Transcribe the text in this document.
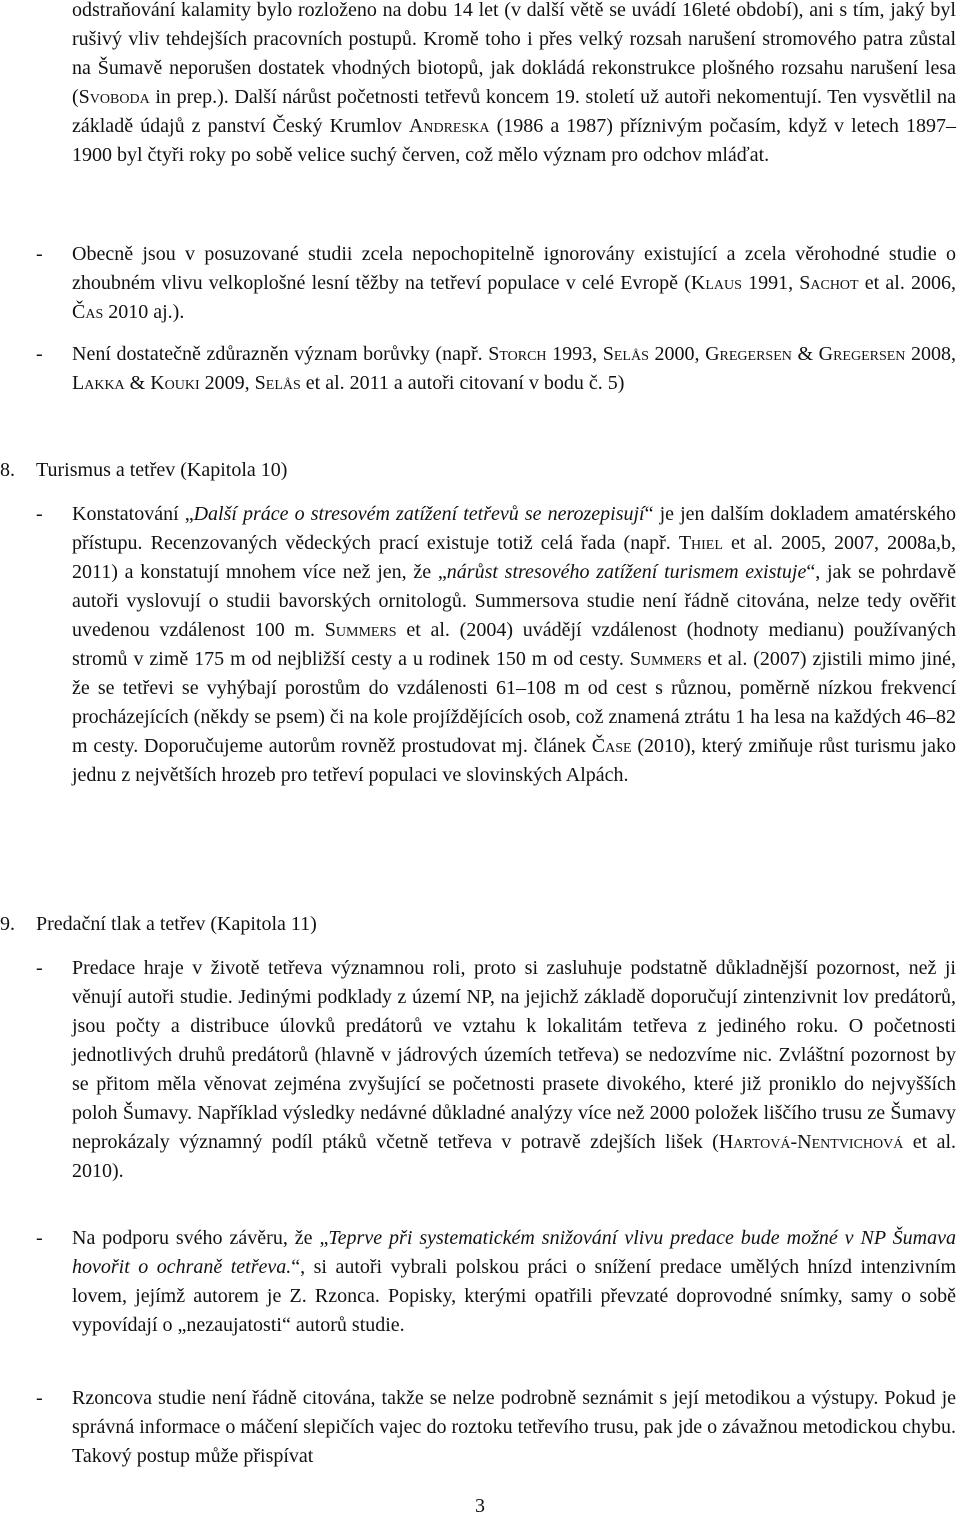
odstraňování kalamity bylo rozloženo na dobu 14 let (v další větě se uvádí 16leté období), ani s tím, jaký byl rušivý vliv tehdejších pracovních postupů. Kromě toho i přes velký rozsah narušení stromového patra zůstal na Šumavě neporušen dostatek vhodných biotopů, jak dokládá rekonstrukce plošného rozsahu narušení lesa (Svoboda in prep.). Další nárůst početnosti tetřevů koncem 19. století už autoři nekomentují. Ten vysvětlil na základě údajů z panství Český Krumlov Andreska (1986 a 1987) příznivým počasím, když v letech 1897–1900 byl čtyři roky po sobě velice suchý červen, což mělo význam pro odchov mláďat.

-	Obecně jsou v posuzované studii zcela nepochopitelně ignorovány existující a zcela věrohodné studie o zhoubném vlivu velkoplošné lesní těžby na tetřeví populace v celé Evropě (Klaus 1991, Sachot et al. 2006, Čas 2010 aj.).
-	Není dostatečně zdůrazněn význam borůvky (např. Storch 1993, Selås 2000, Gregersen & Gregersen 2008, Lakka & Kouki 2009, Selås et al. 2011 a autoři citovaní v bodu č. 5)
8.	Turismus a tetřev (Kapitola 10)
-	Konstatování „Další práce o stresovém zatížení tetřevů se nerozepisují“ je jen dalším dokladem amatérského přístupu. Recenzovaných vědeckých prací existuje totiž celá řada (např. Thiel et al. 2005, 2007, 2008a,b, 2011) a konstatují mnohem více než jen, že „nárůst stresového zatížení turismem existuje“, jak se pohrdavě autoři vyslovují o studii bavorských ornitologů. Summersova studie není řádně citována, nelze tedy ověřit uvedenou vzdálenost 100 m. Summers et al. (2004) uvádějí vzdálenost (hodnoty medianu) používaných stromů v zimě 175 m od nejbližší cesty a u rodinek 150 m od cesty. Summers et al. (2007) zjistili mimo jiné, že se tetřevi se vyhýbají porostům do vzdálenosti 61–108 m od cest s různou, poměrně nízkou frekvencí procházejících (někdy se psem) či na kole projíždějících osob, což znamená ztrátu 1 ha lesa na každých 46–82 m cesty. Doporučujeme autorům rovněž prostudovat mj. článek Čase (2010), který zmiňuje růst turismu jako jednu z největších hrozeb pro tetřeví populaci ve slovinských Alpách.
9.	Predační tlak a tetřev (Kapitola 11)
-	Predace hraje v životě tetřeva významnou roli, proto si zasluhuje podstatně důkladnější pozornost, než ji věnují autoři studie. Jedinými podklady z území NP, na jejichž základě doporučují zintenzivnit lov predátorů, jsou počty a distribuce úlovků predátorů ve vztahu k lokalitám tetřeva z jediného roku. O početnosti jednotlivých druhů predátorů (hlavně v jádrových územích tetřeva) se nedozvíme nic. Zvláštní pozornost by se přitom měla věnovat zejména zvyšující se početnosti prasete divokého, které již proniklo do nejvyšších poloh Šumavy. Například výsledky nedávné důkladné analýzy více než 2000 položek liščího trusu ze Šumavy neprokázaly významný podíl ptáků včetně tetřeva v potravě zdejších lišek (Hartová-Nentvichová et al. 2010).
-	Na podporu svého závěru, že „Teprve při systematickém snižování vlivu predace bude možné v NP Šumava hovořit o ochraně tetřeva.“, si autoři vybrali polskou práci o snížení predace umělých hnízd intenzivním lovem, jejímž autorem je Z. Rzonca. Popisky, kterými opatřili převzaté doprovodné snímky, samy o sobě vypovídají o „nezaujatosti“ autorů studie.
-	Rzoncova studie není řádně citována, takže se nelze podrobně seznámit s její metodikou a výstupy. Pokud je správná informace o máčení slepičích vajec do roztoku tetřevího trusu, pak jde o závažnou metodickou chybu. Takový postup může přispívat
3
